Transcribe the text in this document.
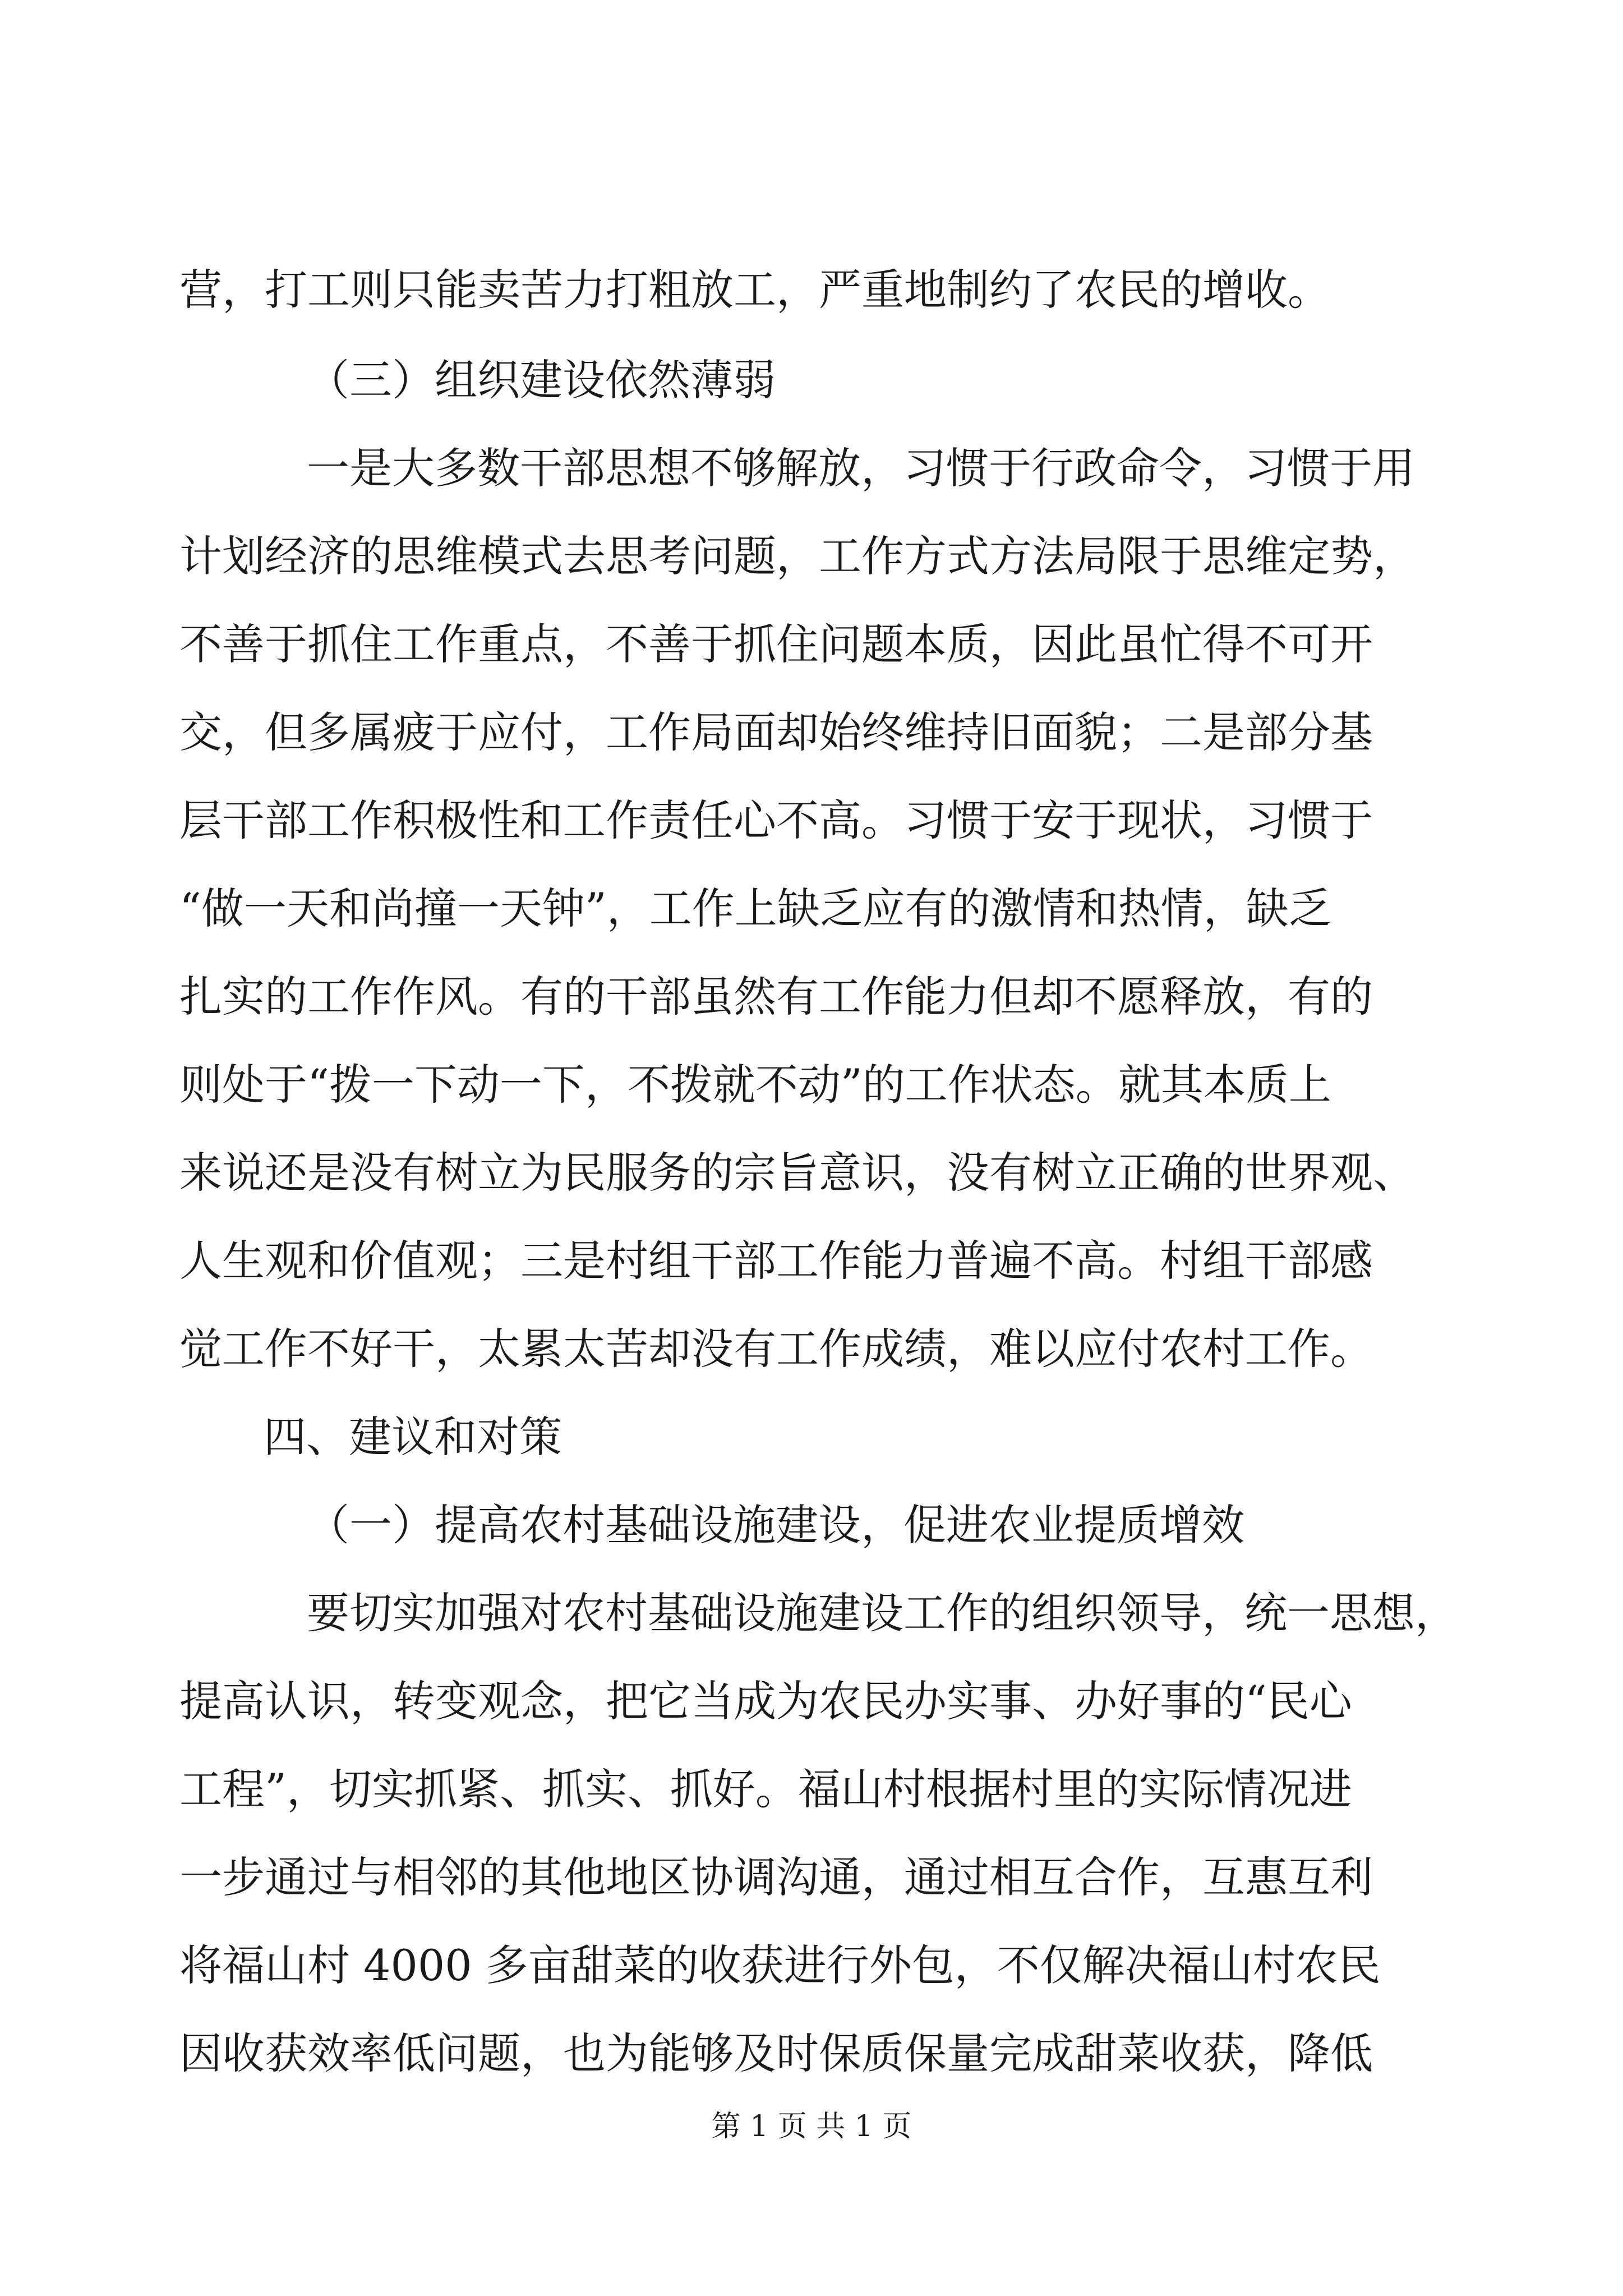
营，打工则只能卖苦力打粗放工，严重地制约了农民的增收。
（三）组织建设依然薄弱
一是大多数干部思想不够解放，习惯于行政命令，习惯于用
计划经济的思维模式去思考问题，工作方式方法局限于思维定势，
不善于抓住工作重点，不善于抓住问题本质，因此虽忙得不可开
交，但多属疲于应付，工作局面却始终维持旧面貌；二是部分基
层干部工作积极性和工作责任心不高。习惯于安于现状，习惯于
“做一天和尚撞一天钟”，工作上缺乏应有的激情和热情，缺乏
扎实的工作作风。有的干部虽然有工作能力但却不愿释放，有的
则处于“拨一下动一下，不拨就不动”的工作状态。就其本质上
来说还是没有树立为民服务的宗旨意识，没有树立正确的世界观、
人生观和价值观；三是村组干部工作能力普遍不高。村组干部感
觉工作不好干，太累太苦却没有工作成绩，难以应付农村工作。
四、建议和对策
（一）提高农村基础设施建设，促进农业提质增效
要切实加强对农村基础设施建设工作的组织领导，统一思想，
提高认识，转变观念，把它当成为农民办实事、办好事的“民心
工程”，切实抓紧、抓实、抓好。福山村根据村里的实际情况进
一步通过与相邻的其他地区协调沟通，通过相互合作，互惠互利
将福山村 4000 多亩甜菜的收获进行外包，不仅解决福山村农民
因收获效率低问题，也为能够及时保质保量完成甜菜收获，降低
第 1 页 共 1 页
